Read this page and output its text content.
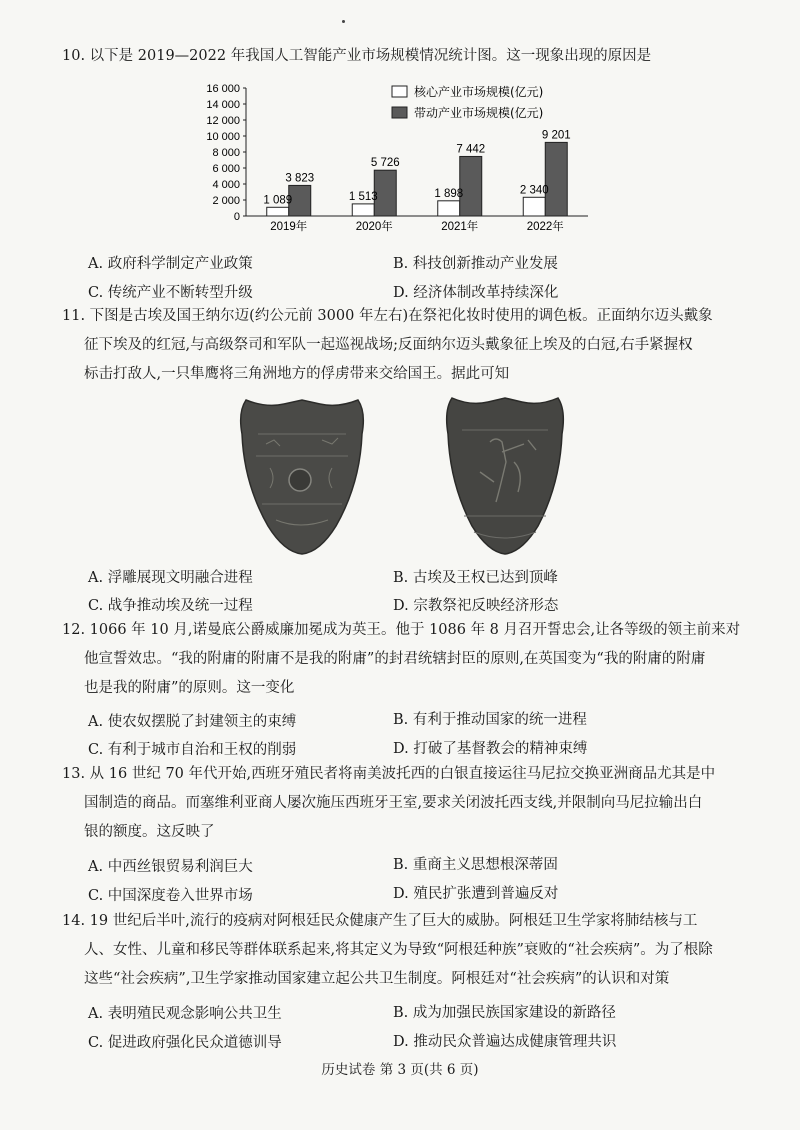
10. 以下是 2019—2022 年我国人工智能产业市场规模情况统计图。这一现象出现的原因是
0
2 000
4 000
6 000
8 000
10 000
12 000
14 000
16 000
1 089
3 823
1 513
5 726
1 898
7 442
2 340
9 201
2019年	2020年	2021年	2022年
核心产业市场规模(亿元)
带动产业市场规模(亿元)
A. 政府科学制定产业政策	B. 科技创新推动产业发展
C. 传统产业不断转型升级	D. 经济体制改革持续深化
11. 下图是古埃及国王纳尔迈(约公元前 3000 年左右)在祭祀化妆时使用的调色板。正面纳尔迈头戴象
征下埃及的红冠,与高级祭司和军队一起巡视战场;反面纳尔迈头戴象征上埃及的白冠,右手紧握权
标击打敌人,一只隼鹰将三角洲地方的俘虏带来交给国王。据此可知
A. 浮雕展现文明融合进程	B. 古埃及王权已达到顶峰
C. 战争推动埃及统一过程	D. 宗教祭祀反映经济形态
12. 1066 年 10 月,诺曼底公爵威廉加冕成为英王。他于 1086 年 8 月召开誓忠会,让各等级的领主前来对
他宣誓效忠。“我的附庸的附庸不是我的附庸”的封君统辖封臣的原则,在英国变为“我的附庸的附庸
也是我的附庸”的原则。这一变化
A. 使农奴摆脱了封建领主的束缚	B. 有利于推动国家的统一进程
C. 有利于城市自治和王权的削弱	D. 打破了基督教会的精神束缚
13. 从 16 世纪 70 年代开始,西班牙殖民者将南美波托西的白银直接运往马尼拉交换亚洲商品尤其是中
国制造的商品。而塞维利亚商人屡次施压西班牙王室,要求关闭波托西支线,并限制向马尼拉输出白
银的额度。这反映了
A. 中西丝银贸易利润巨大	B. 重商主义思想根深蒂固
C. 中国深度卷入世界市场	D. 殖民扩张遭到普遍反对
14. 19 世纪后半叶,流行的疫病对阿根廷民众健康产生了巨大的威胁。阿根廷卫生学家将肺结核与工
人、女性、儿童和移民等群体联系起来,将其定义为导致“阿根廷种族”衰败的“社会疾病”。为了根除
这些“社会疾病”,卫生学家推动国家建立起公共卫生制度。阿根廷对“社会疾病”的认识和对策
A. 表明殖民观念影响公共卫生	B. 成为加强民族国家建设的新路径
C. 促进政府强化民众道德训导	D. 推动民众普遍达成健康管理共识
历史试卷 第 3 页(共 6 页)
